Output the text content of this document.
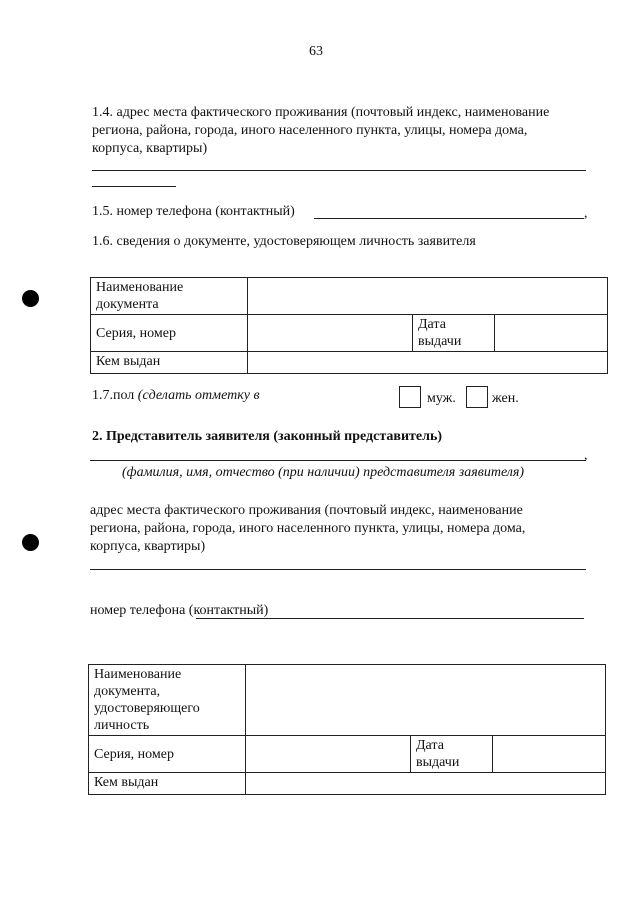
63
1.4. адрес места фактического проживания (почтовый индекс, наименование
региона, района, города, иного населенного пункта, улицы, номера дома,
корпуса, квартиры)
1.5. номер телефона (контактный)	,
1.6. сведения о документе, удостоверяющем личность заявителя
Наименование документа			
Серия, номер		Дата выдачи	
Кем выдан			
1.7.пол (сделать отметку в	муж.	жен.
2. Представитель заявителя (законный представитель)
,
(фамилия, имя, отчество (при наличии) представителя заявителя)
адрес места фактического проживания (почтовый индекс, наименование
региона, района, города, иного населенного пункта, улицы, номера дома,
корпуса, квартиры)
номер телефона (контактный)
Наименование документа, удостоверяющего личность			
Серия, номер		Дата выдачи	
Кем выдан			
